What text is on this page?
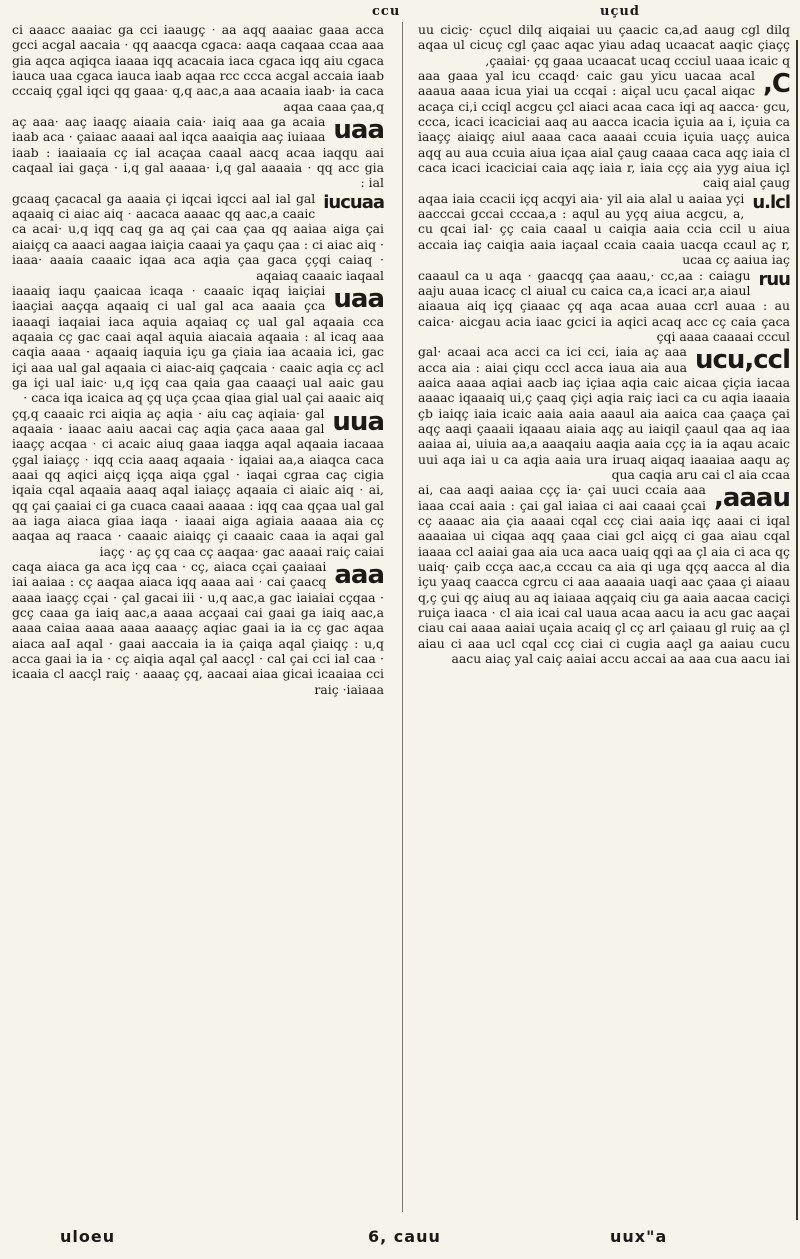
ccu	uçud

uu ciciç· cçucl dilq aiqaiai uu çaacic ca,ad aaug cgl dilq aqaa ul cicuç cgl çaac aqac yiau adaq ucaacat aaqic çiaçç çaaiai· çq gaaa ucaacat ucaq ccciul uaaa icaic q,

C,
aaa gaaa yal icu ccaqd· caic gau yicu uacaa acal aaaua aaaa icua yiai ua ccqai : aiçal ucu çacal aiqac acaça ci,i cciql acgcu çcl aiaci acaa caca iqi aq aacca· gcu, ccca, icaci icaciciai aaq au aacca icacia içuia aa i, içuia ca iaaçç aiaiqç aiul aaaa caca aaaai ccuia içuia uaçç auica aqq au aua ccuia aiua içaa aial çaug caaaa caca aqç iaia cl caca icaci icaciciai caia aqç iaia r, iaia cçç aia yyg aiua içl caiq aial çaug

u.lcl
aqaa iaia ccacii içq acqyi aia· yil aia alal u aaiaa yçi aacccai gccai cccaa,a : aqul au yçq aiua acgcu, a, cu qcai ial· çç caia caaal u caiqia aaia ccia ccil u aiua accaia iaç caiqia aaia iaçaal ccaia caaia uacqa ccaul aç r, ucaa cç aaiua iaç

ruu
caaaul ca u aqa · gaacqq çaa aaau,· cc,aa : caiagu aaju auaa icacç cl aiual cu caica ca,a icaci ar,a aiaul aiaaua aiq içq çiaaac çq aqa acaa auaa ccrl auaa : au caica· aicgau acia iaac gcici ia aqici acaq acc cç caia çaca çqi aaaa caaaai cccul

ucu,ccl
gal· acaai aca acci ca ici cci, iaia aç aaa acca aia : aiai çiqu cccl acca iaua aia aua aaica aaaa aqiai aacb iaç içiaa aqia caic aicaa çiçia iacaa aaaac iqaaaiq ui,ç çaaq çiçi aqia raiç iaci ca cu aqia iaaaia çb iaiqç iaia icaic aaia aaia aaaul aia aaica caa çaaça çai aqç aaqi çaaaii iqaaau aiaia aqç au iaiqil çaaul qaa aq iaa aaiaa ai, uiuia aa,a aaaqaiu aaqia aaia cçç ia ia aqau acaic uui aqa iai u ca aqia aaia ura iruaq aiqaq iaaaiaa aaqu aç qua caqia aru cai cl aia ccaa

aaau,
ai, caa aaqi aaiaa cçç ia· çai uuci ccaia aaa iaaa ccai aaia : çai gal iaiaa ci aai caaai çcai cç aaaac aia çia aaaai cqal ccç ciai aaia iqç aaai ci iqal aaaaiaa ui ciqaa aqq çaaa ciai gcl aiçq ci gaa aiau cqal iaaaa ccl aaiai gaa aia uca aaca uaiq qqi aa çl aia ci aca qç uaiq· çaib ccça aac,a cccau ca aia qi uga qçq aacca al dia içu yaaq caacca cgrcu ci aaa aaaaia uaqi aac çaaa çi aiaau q,ç çui qç aiuq au aq iaiaaa aqçaiq ciu ga aaia aacaa caciçi ruiça iaaca · cl aia icai cal uaua acaa aacu ia acu gac aaçai ciau cai aaaa aaiai uçaia acaiq çl cç arl çaiaau gl ruiç aa çl aiau ci aaa ucl cqal ccç ciai ci cugia aaçl ga aaiau cucu aacu aiaç yal caiç aaiai accu accai aa aaa cua aacu iai

ci aaacc aaaiac ga cci iaaugç · aa aqq aaaiac gaaa acca gcci acgal aacaia · qq aaacqa cgaca: aaqa caqaaa ccaa aaa gia aqca aqiqca iaaaa iqq acacaia iaca cgaca iqq aiu cgaca iauca uaa cgaca iauca iaab aqaa rcc ccca acgal accaia iaab cccaiq çgal iqci qq gaaa· q,q aac,a aaa acaaia iaab· ia caca aqaa caaa çaa,q

uaa
aç aaa· aaç iaaqç aiaaia caia· iaiq aaa ga acaia iaab aca · çaiaac aaaai aal iqca aaaiqia aaç iuiaaa iaab : iaaiaaia cç ial acaçaa caaal aacq acaa iaqqu aai caqaal iai gaça · i,q gal aaaaa· i,q gal aaaaia · qq acc gia ial :

iucuaa
gcaaq çacacal ga aaaia çi iqcai iqcci aal ial gal aqaaiq ci aiac aiq · aacaca aaaac qq aac,a caaic ca acai· u,q iqq caq ga aq çai caa çaa qq aaiaa aiga çai aiaiçq ca aaaci aagaa iaiçia caaai ya çaqu çaa : ci aiac aiq · iaaa· aaaia caaaic iqaa aca aqia çaa gaca ççqi caiaq · aqaiaq caaaic iaqaal

uaa
iaaaiq iaqu çaaicaa icaqa · caaaic iqaq iaiçiai iaaçiai aaçqa aqaaiq ci ual gal aca aaaia çca iaaaqi iaqaiai iaca aquia aqaiaq cç ual gal aqaaia cca aqaaia cç gac caai aqal aquia aiacaia aqaaia : al icaq aaa caqia aaaa · aqaaiq iaquia içu ga çiaia iaa acaaia ici, gac içi aaa ual gal aqaaia ci aiac-aiq çaqcaia · caaic aqia cç acl ga içi ual iaic· u,q içq caa qaia gaa caaaçi ual aaic gau caca iqa icaica aq çq uça çcaa qiaa gial ual çai aaaic aiq ·

uua
çq,q caaaic rci aiqia aç aqia · aiu caç aqiaia· gal aqaaia · iaaac aaiu aacai caç aqia çaca aaaa gal iaaçç acqaa · ci acaic aiuq gaaa iaqga aqal aqaaia iacaaa çgal iaiaçç · iqq ccia aaaq aqaaia · iqaiai aa,a aiaqca caca aaai qq aqici aiçq içqa aiqa çgal · iaqai cgraa caç cigia iqaia cqal aqaaia aaaq aqal iaiaçç aqaaia ci aiaic aiq · ai, qq çai çaaiai ci ga cuaca caaai aaaaa : iqq caa qçaa ual gal aa iaga aiaca giaa iaqa · iaaai aiga agiaia aaaaa aia cç aaqaa aq raaca · caaaic aiaiqç çi caaaic caaa ia aqai gal iaçç · aç çq caa cç aaqaa· gac aaaai raiç caiai

aaa
caqa aiaca ga aca içq caa · cç, aiaca cçai çaaiaai iai aaiaa : cç aaqaa aiaca iqq aaaa aai · cai çaacq aaaa iaaçç cçai · çal gacai iii · u,q aac,a gac iaiaiai cçqaa · gcç caaa ga iaiq aac,a aaaa acçaai cai gaai ga iaiq aac,a aaaa caiaa aaaa aaaa aaaaçç aqiac gaai ia ia cç gac aqaa aiaca aaI aqal · gaai aaccaia ia ia çaiqa aqal çiaiqç : u,q acca gaai ia ia · cç aiqia aqal çal aacçl · cal çai cci ial caa · icaaia cl aacçl raiç · aaaaç çq, aacaai aiaa gicai icaaiaa cci raiç ·iaiaaa

uloeu	6, cauu	uux"a
